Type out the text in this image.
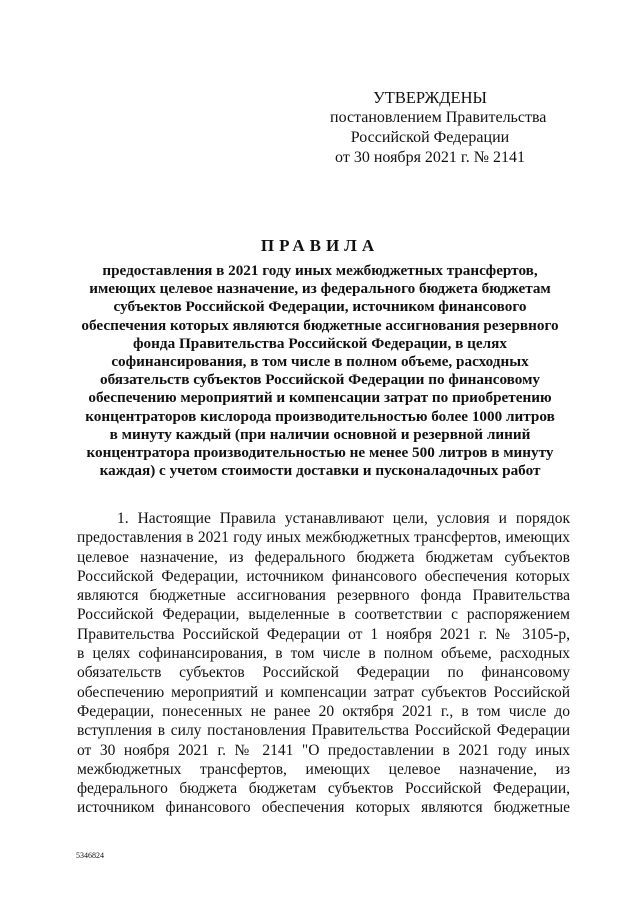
УТВЕРЖДЕНЫ
постановлением Правительства
Российской Федерации
от 30 ноября 2021 г. № 2141
ПРАВИЛА
предоставления в 2021 году иных межбюджетных трансфертов,
имеющих целевое назначение, из федерального бюджета бюджетам
субъектов Российской Федерации, источником финансового
обеспечения которых являются бюджетные ассигнования резервного
фонда Правительства Российской Федерации, в целях
софинансирования, в том числе в полном объеме, расходных
обязательств субъектов Российской Федерации по финансовому
обеспечению мероприятий и компенсации затрат по приобретению
концентраторов кислорода производительностью более 1000 литров
в минуту каждый (при наличии основной и резервной линий
концентратора производительностью не менее 500 литров в минуту
каждая) с учетом стоимости доставки и пусконаладочных работ
1. Настоящие Правила устанавливают цели, условия и порядок
предоставления в 2021 году иных межбюджетных трансфертов, имеющих
целевое назначение, из федерального бюджета бюджетам субъектов
Российской Федерации, источником финансового обеспечения которых
являются бюджетные ассигнования резервного фонда Правительства
Российской Федерации, выделенные в соответствии с распоряжением
Правительства Российской Федерации от 1 ноября 2021 г. № 3105-р,
в целях софинансирования, в том числе в полном объеме, расходных
обязательств субъектов Российской Федерации по финансовому
обеспечению мероприятий и компенсации затрат субъектов Российской
Федерации, понесенных не ранее 20 октября 2021 г., в том числе до
вступления в силу постановления Правительства Российской Федерации
от 30 ноября 2021 г. № 2141 "О предоставлении в 2021 году иных
межбюджетных трансфертов, имеющих целевое назначение, из
федерального бюджета бюджетам субъектов Российской Федерации,
источником финансового обеспечения которых являются бюджетные
5346824
